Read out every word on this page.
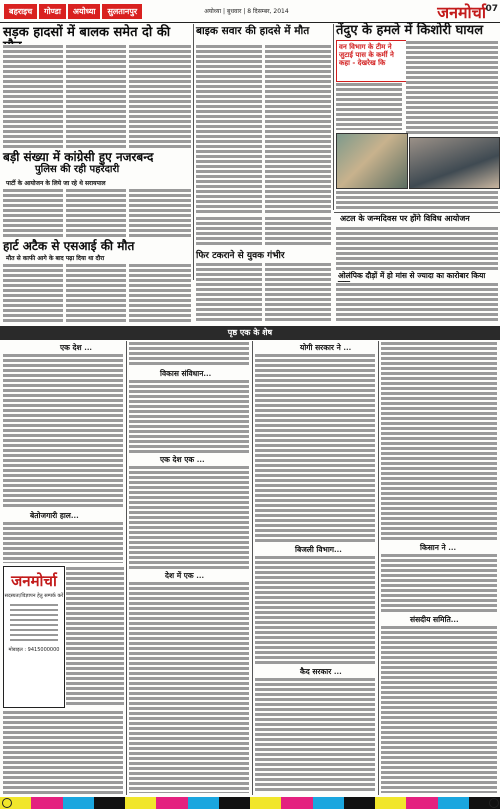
बहराइच	गोण्डा	अयोध्या	सुलतानपुर	अयोध्या | बुधवार | 8 दिसम्बर, 2014	जनमोर्चा 07
सड़क हादसों में बालक समेत दो की	बाइक सवार की हादसे में मौत	तेंदुए के हमले में किशोरी घायल
वन विभाग के टीम ने जुटाई पास के कर्मी ने कहा - देखरेख कि
बड़ी संख्या में कांग्रेसी हुए नजरबन्द
पुलिस की रही पहरेदारी
पार्टी के आयोजन के लिये जा रहे थे सरायपाल
हार्ट अटैक से एसआई की मौत
मौत से काफी आगे के बाद पढ़ा दिया था दौरा	फिर टकराने से युवक गंभीर
अटल के जन्मदिवस पर होंगे विविध आयोजन
ओलंपिक दौड़ों में हो मांस से ज्यादा का कारोबार किया
पृष्ठ एक के शेष
एक देश ...
बेतोजगारी हाल...
जनमोर्चा
सदस्यता/विज्ञापन हेतु सम्पर्क करें
मोबाइल : 9415000000
विकास संविधान...
एक देश एक ...
देश में एक ...
योगी सरकार ने ...
बिजली विभाग...
कैद सरकार ...
किसान ने ...
संसदीय समिति...
